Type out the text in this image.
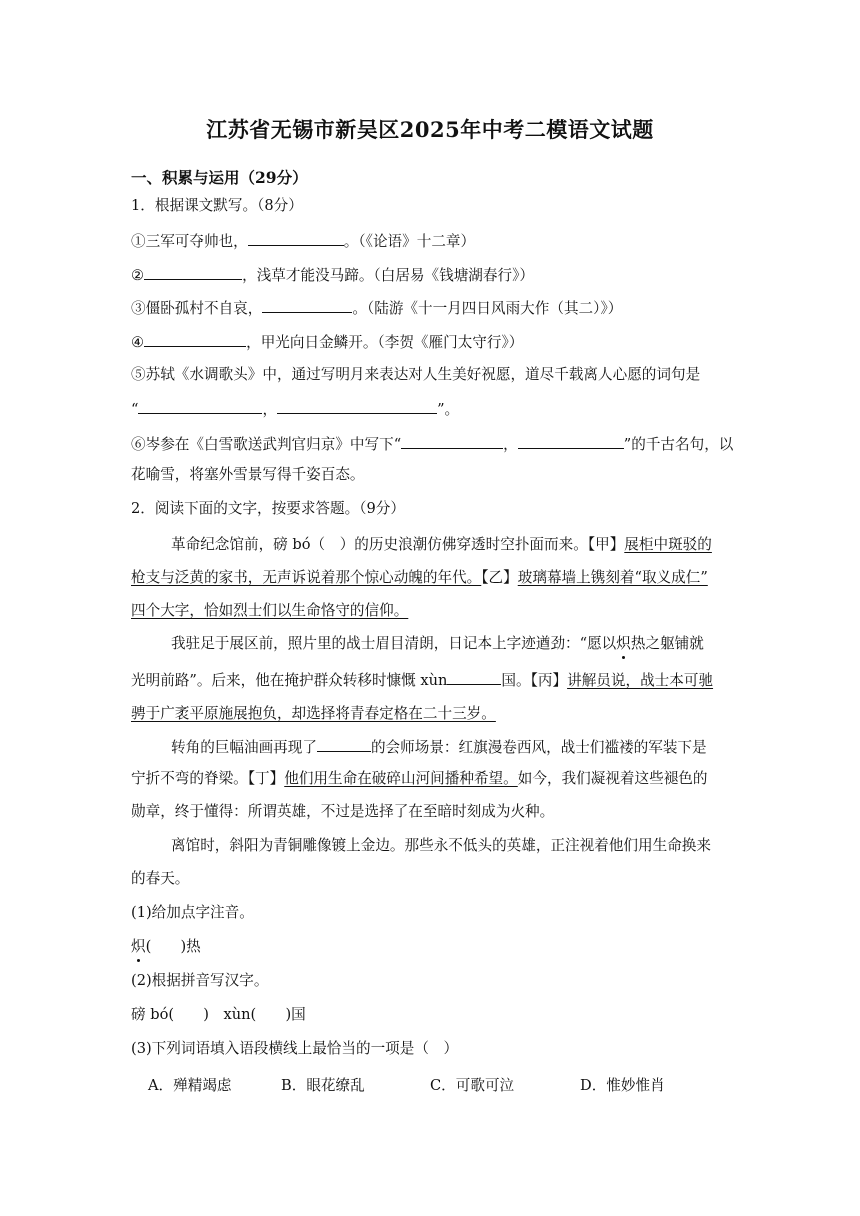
江苏省无锡市新吴区2025年中考二模语文试题
一、积累与运用（29分）
1．根据课文默写。（8分）
①三军可夺帅也，	。（《论语》十二章）
②	，浅草才能没马蹄。（白居易《钱塘湖春行》）
③僵卧孤村不自哀，	。（陆游《十一月四日风雨大作（其二）》）
④	，甲光向日金鳞开。（李贺《雁门太守行》）
⑤苏轼《水调歌头》中，通过写明月来表达对人生美好祝愿，道尽千载离人心愿的词句是
“	，	”。
⑥岑参在《白雪歌送武判官归京》中写下“	，	”的千古名句，以
花喻雪，将塞外雪景写得千姿百态。
2．阅读下面的文字，按要求答题。（9分）
革命纪念馆前，磅 bó（　）的历史浪潮仿佛穿透时空扑面而来。【甲】展柜中斑驳的
枪支与泛黄的家书，无声诉说着那个惊心动魄的年代。【乙】玻璃幕墙上镌刻着“取义成仁”
四个大字，恰如烈士们以生命恪守的信仰。
我驻足于展区前，照片里的战士眉目清朗，日记本上字迹遒劲：“愿以炽热之躯铺就
光明前路”。后来，他在掩护群众转移时慷慨 xùn	国。【丙】讲解员说，战士本可驰
骋于广袤平原施展抱负，却选择将青春定格在二十三岁。
转角的巨幅油画再现了	的会师场景：红旗漫卷西风，战士们褴褛的军装下是
宁折不弯的脊梁。【丁】他们用生命在破碎山河间播种希望。如今，我们凝视着这些褪色的
勋章，终于懂得：所谓英雄，不过是选择了在至暗时刻成为火种。
离馆时，斜阳为青铜雕像镀上金边。那些永不低头的英雄，正注视着他们用生命换来
的春天。
(1)给加点字注音。
炽(　　)热
(2)根据拼音写汉字。
磅 bó(　　)　xùn(　　)国
(3)下列词语填入语段横线上最恰当的一项是（　）
A．殚精竭虑	B．眼花缭乱	C．可歌可泣	D．惟妙惟肖
